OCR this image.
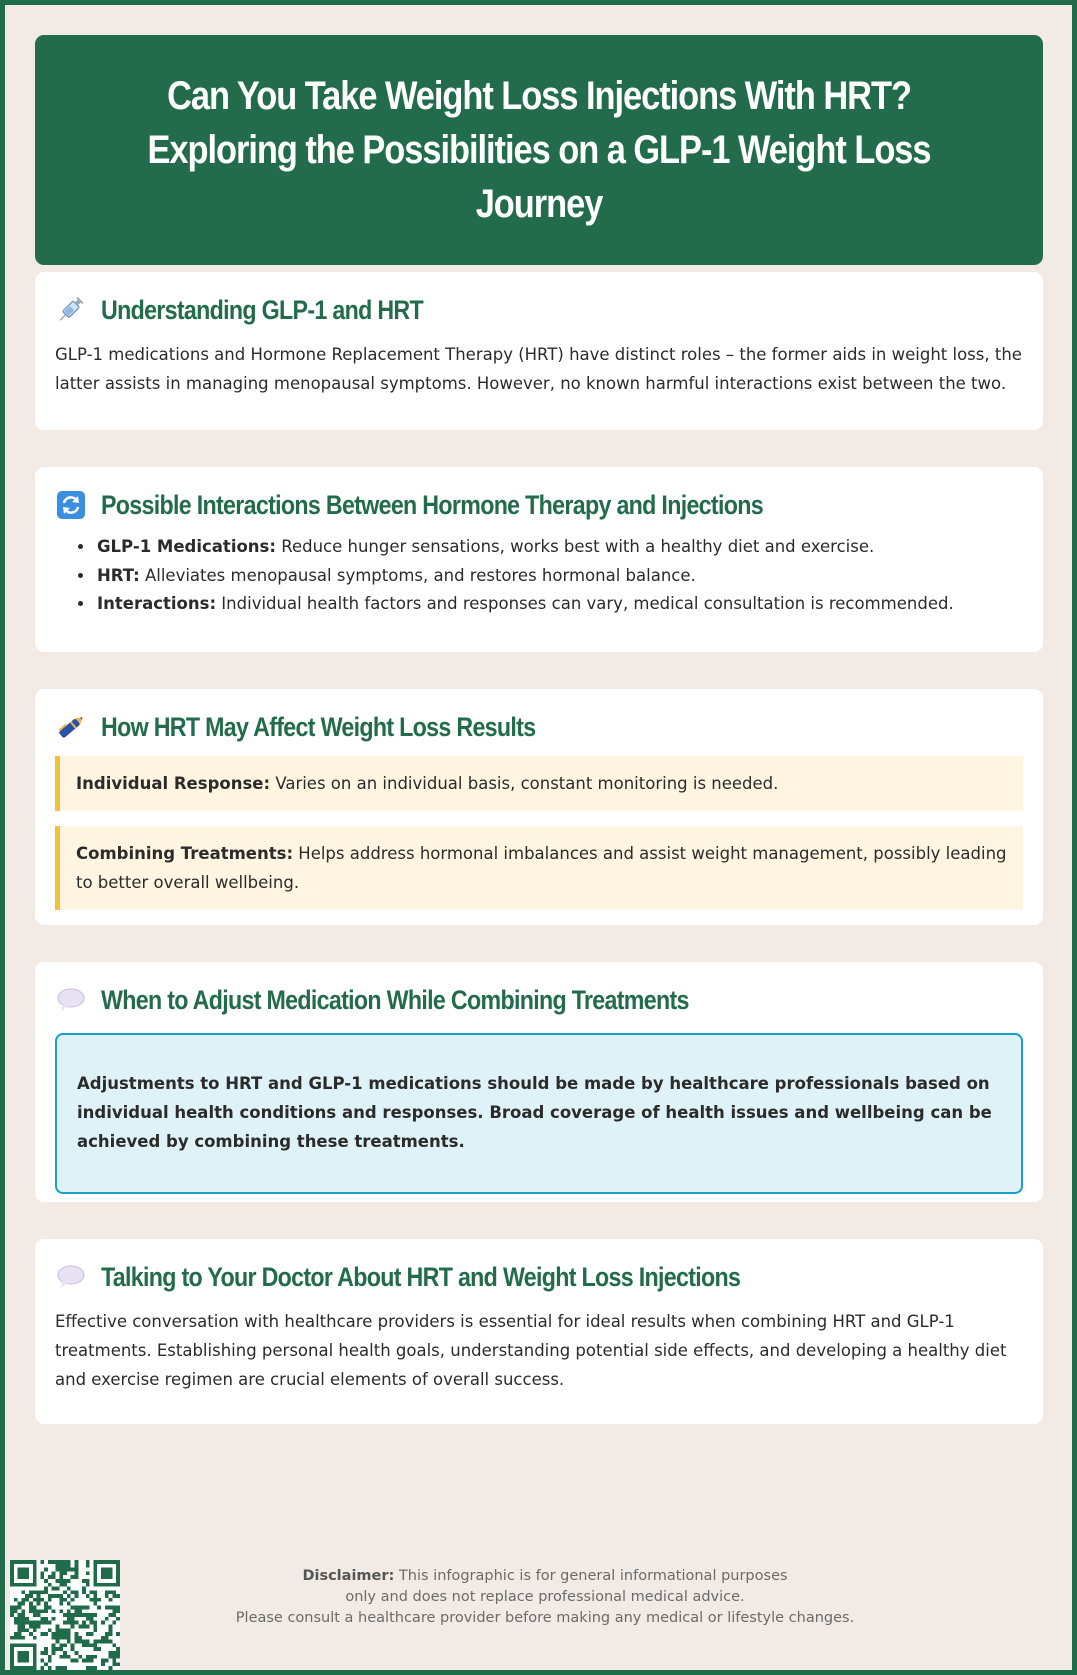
Can You Take Weight Loss Injections With HRT? Exploring the Possibilities on a GLP-1 Weight Loss Journey
Understanding GLP-1 and HRT

GLP-1 medications and Hormone Replacement Therapy (HRT) have distinct roles – the former aids in weight loss, the latter assists in managing menopausal symptoms. However, no known harmful interactions exist between the two.

Possible Interactions Between Hormone Therapy and Injections
• GLP-1 Medications: Reduce hunger sensations, works best with a healthy diet and exercise.
• HRT: Alleviates menopausal symptoms, and restores hormonal balance.
• Interactions: Individual health factors and responses can vary, medical consultation is recommended.
How HRT May Affect Weight Loss Results
Individual Response: Varies on an individual basis, constant monitoring is needed.
Combining Treatments: Helps address hormonal imbalances and assist weight management, possibly leading to better overall wellbeing.
When to Adjust Medication While Combining Treatments
Adjustments to HRT and GLP-1 medications should be made by healthcare professionals based on individual health conditions and responses. Broad coverage of health issues and wellbeing can be achieved by combining these treatments.
Talking to Your Doctor About HRT and Weight Loss Injections

Effective conversation with healthcare providers is essential for ideal results when combining HRT and GLP-1 treatments. Establishing personal health goals, understanding potential side effects, and developing a healthy diet and exercise regimen are crucial elements of overall success.

Disclaimer: This infographic is for general informational purposes
only and does not replace professional medical advice.
Please consult a healthcare provider before making any medical or lifestyle changes.
